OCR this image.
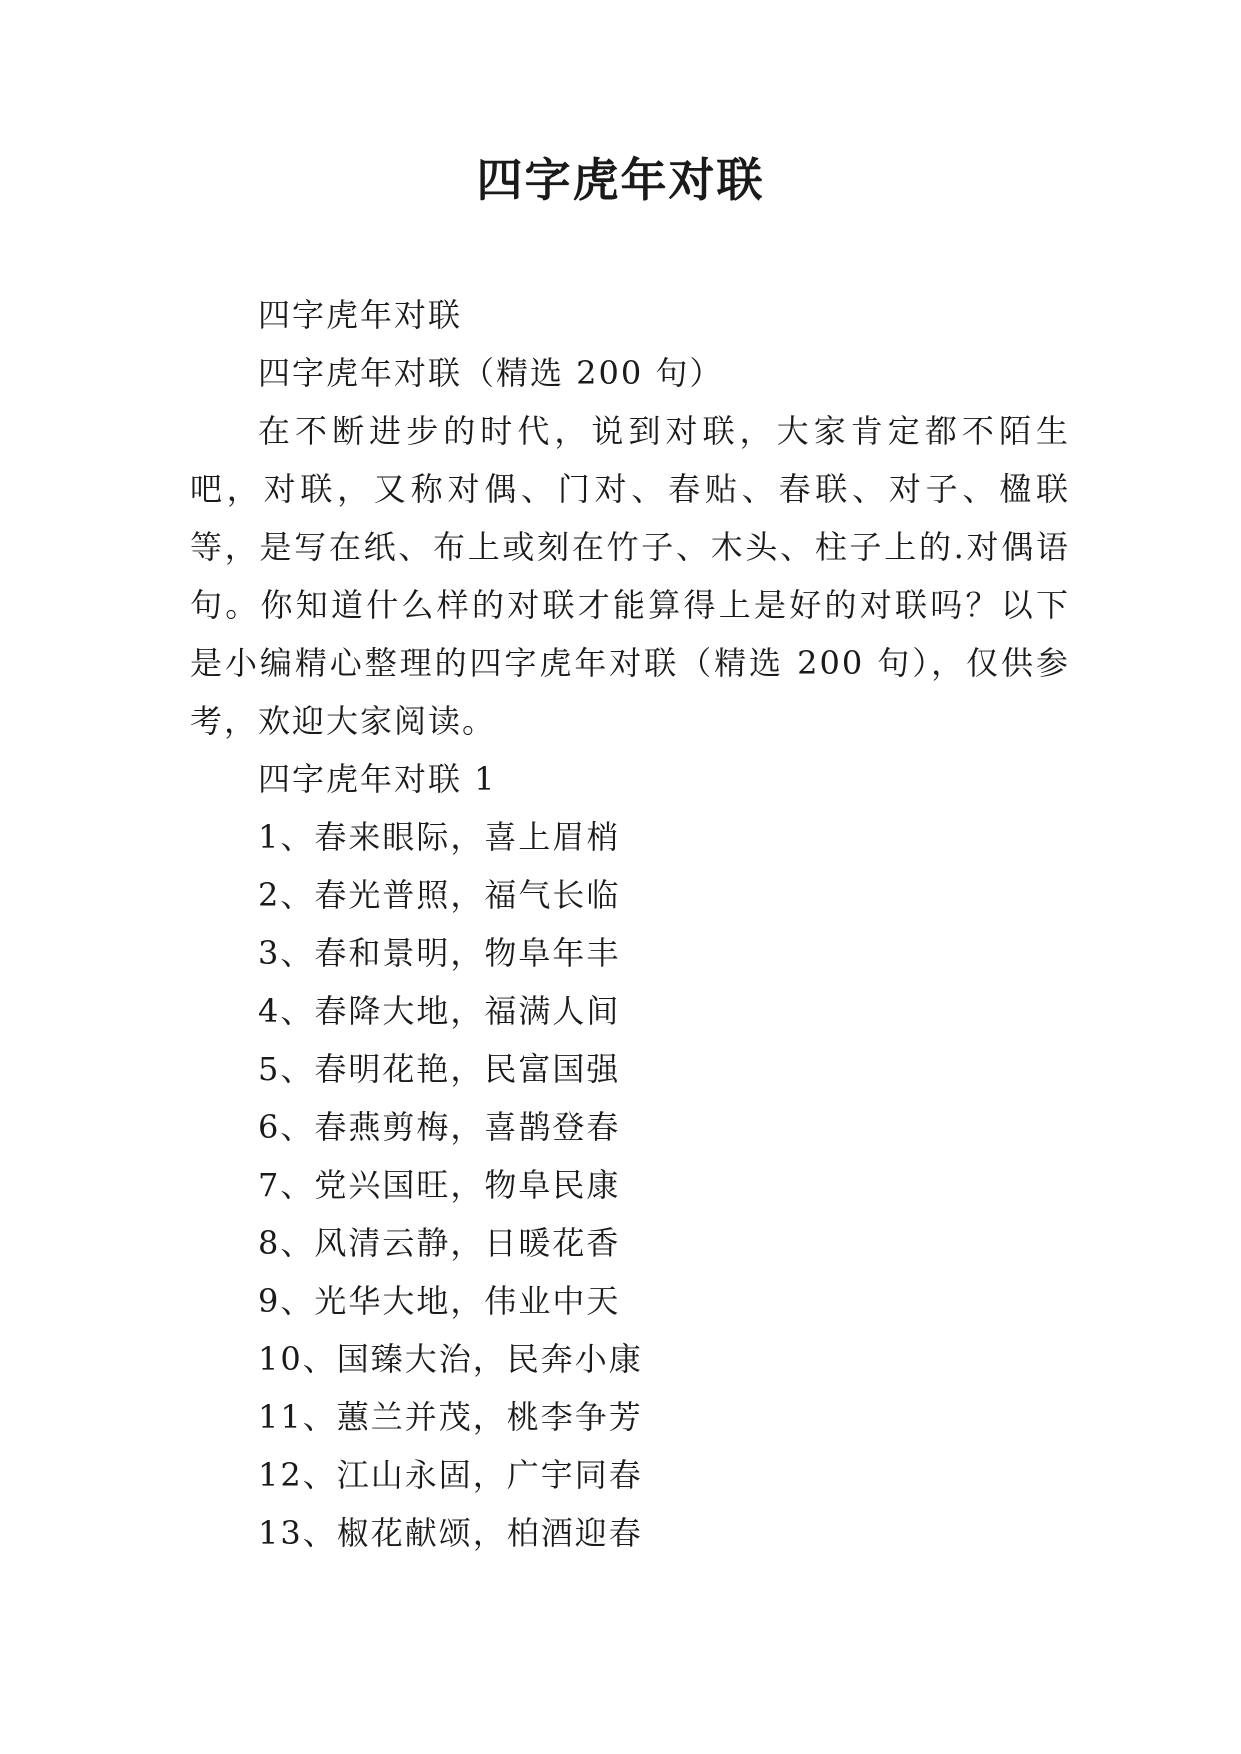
四字虎年对联

四字虎年对联

四字虎年对联（精选 200 句）

在不断进步的时代，说到对联，大家肯定都不陌生吧，对联，又称对偶、门对、春贴、春联、对子、楹联等，是写在纸、布上或刻在竹子、木头、柱子上的.对偶语句。你知道什么样的对联才能算得上是好的对联吗？以下是小编精心整理的四字虎年对联（精选 200 句），仅供参考，欢迎大家阅读。

四字虎年对联 1

1、春来眼际，喜上眉梢

2、春光普照，福气长临

3、春和景明，物阜年丰

4、春降大地，福满人间

5、春明花艳，民富国强

6、春燕剪梅，喜鹊登春

7、党兴国旺，物阜民康

8、风清云静，日暖花香

9、光华大地，伟业中天

10、国臻大治，民奔小康

11、蕙兰并茂，桃李争芳

12、江山永固，广宇同春

13、椒花献颂，柏酒迎春
